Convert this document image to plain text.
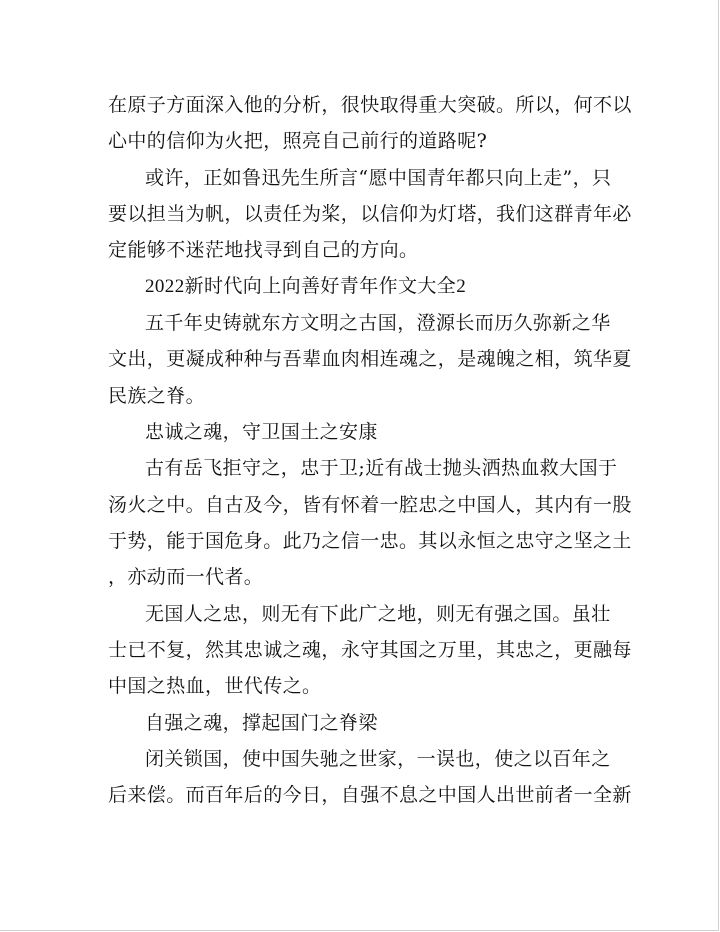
在原子方面深入他的分析，很快取得重大突破。所以，何不以
心中的信仰为火把，照亮自己前行的道路呢?
或许，正如鲁迅先生所言“愿中国青年都只向上走”，只
要以担当为帆，以责任为桨，以信仰为灯塔，我们这群青年必
定能够不迷茫地找寻到自己的方向。
2022新时代向上向善好青年作文大全2
五千年史铸就东方文明之古国，澄源长而历久弥新之华
文出，更凝成种种与吾辈血肉相连魂之，是魂魄之相，筑华夏
民族之脊。
忠诚之魂，守卫国土之安康
古有岳飞拒守之，忠于卫;近有战士抛头洒热血救大国于
汤火之中。自古及今，皆有怀着一腔忠之中国人，其内有一股
于势，能于国危身。此乃之信一忠。其以永恒之忠守之坚之土
，亦动而一代者。
无国人之忠，则无有下此广之地，则无有强之国。虽壮
士已不复，然其忠诚之魂，永守其国之万里，其忠之，更融每
中国之热血，世代传之。
自强之魂，撑起国门之脊梁
闭关锁国，使中国失驰之世家，一误也，使之以百年之
后来偿。而百年后的今日，自强不息之中国人出世前者一全新
